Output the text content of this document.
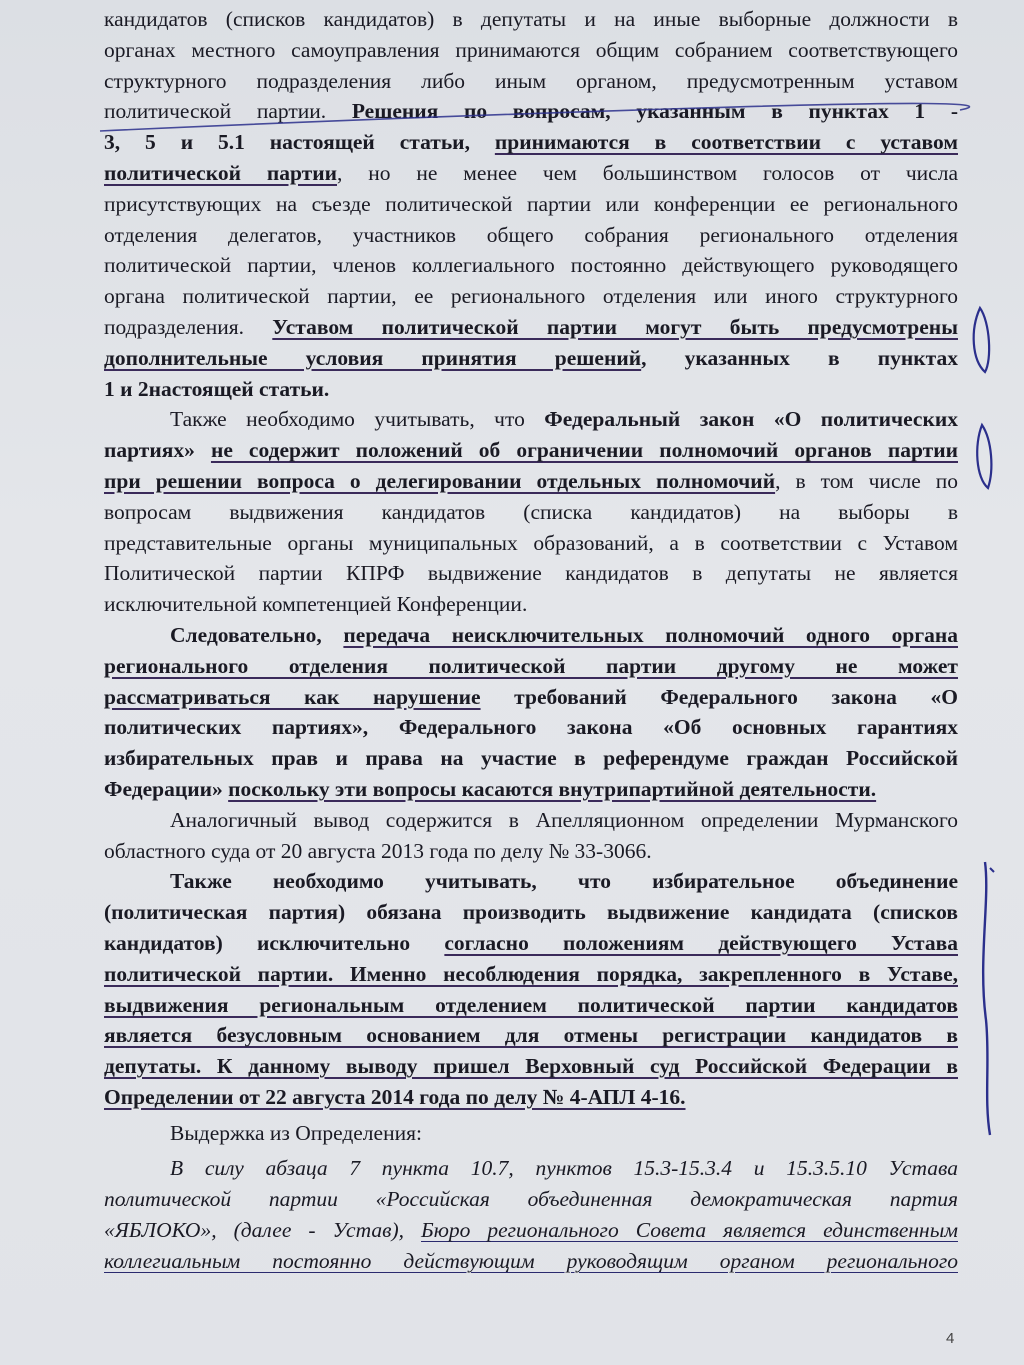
кандидатов (списков кандидатов) в депутаты и на иные выборные должности в
органах местного самоуправления принимаются общим собранием соответствующего
структурного подразделения либо иным органом, предусмотренным уставом
политической партии. Решения по вопросам, указанным в пунктах 1 -
3, 5 и 5.1 настоящей статьи, принимаются в соответствии с уставом
политической партии, но не менее чем большинством голосов от числа
присутствующих на съезде политической партии или конференции ее регионального
отделения делегатов, участников общего собрания регионального отделения
политической партии, членов коллегиального постоянно действующего руководящего
органа политической партии, ее регионального отделения или иного структурного
подразделения. Уставом политической партии могут быть предусмотрены
дополнительные условия принятия решений, указанных в пунктах
1 и 2настоящей статьи.
Также необходимо учитывать, что Федеральный закон «О политических
партиях» не содержит положений об ограничении полномочий органов партии
при решении вопроса о делегировании отдельных полномочий, в том числе по
вопросам выдвижения кандидатов (списка кандидатов) на выборы в
представительные органы муниципальных образований, а в соответствии с Уставом
Политической партии КПРФ выдвижение кандидатов в депутаты не является
исключительной компетенцией Конференции.
Следовательно, передача неисключительных полномочий одного органа
регионального отделения политической партии другому не может
рассматриваться как нарушение требований Федерального закона «О
политических партиях», Федерального закона «Об основных гарантиях
избирательных прав и права на участие в референдуме граждан Российской
Федерации» поскольку эти вопросы касаются внутрипартийной деятельности.
Аналогичный вывод содержится в Апелляционном определении Мурманского
областного суда от 20 августа 2013 года по делу № 33-3066.
Также необходимо учитывать, что избирательное объединение
(политическая партия) обязана производить выдвижение кандидата (списков
кандидатов) исключительно согласно положениям действующего Устава
политической партии. Именно несоблюдения порядка, закрепленного в Уставе,
выдвижения региональным отделением политической партии кандидатов
является безусловным основанием для отмены регистрации кандидатов в
депутаты. К данному выводу пришел Верховный суд Российской Федерации в
Определении от 22 августа 2014 года по делу № 4-АПЛ 4-16.
Выдержка из Определения:
В силу абзаца 7 пункта 10.7, пунктов 15.3-15.3.4 и 15.3.5.10 Устава
политической партии «Российская объединенная демократическая партия
«ЯБЛОКО», (далее - Устав), Бюро регионального Совета является единственным
коллегиальным постоянно действующим руководящим органом регионального
4
